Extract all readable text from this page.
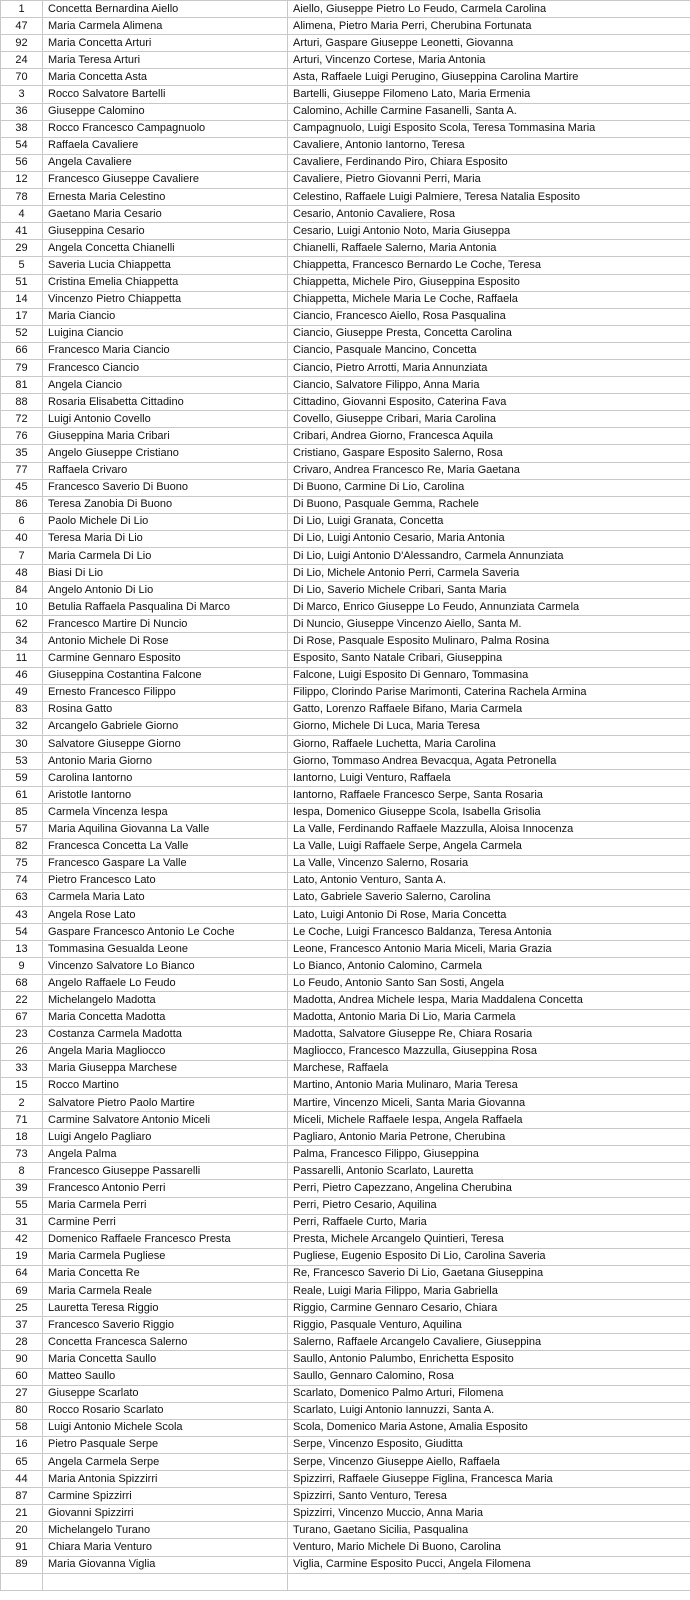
1	Concetta Bernardina Aiello	Aiello, Giuseppe Pietro Lo Feudo, Carmela Carolina
47	Maria Carmela Alimena	Alimena, Pietro Maria Perri, Cherubina Fortunata
92	Maria Concetta Arturi	Arturi, Gaspare Giuseppe Leonetti, Giovanna
24	Maria Teresa Arturi	Arturi, Vincenzo Cortese, Maria Antonia
70	Maria Concetta Asta	Asta, Raffaele Luigi Perugino, Giuseppina Carolina Martire
3	Rocco Salvatore Bartelli	Bartelli, Giuseppe Filomeno Lato, Maria Ermenia
36	Giuseppe Calomino	Calomino, Achille Carmine Fasanelli, Santa A.
38	Rocco Francesco Campagnuolo	Campagnuolo, Luigi Esposito Scola, Teresa Tommasina Maria
54	Raffaela Cavaliere	Cavaliere, Antonio Iantorno, Teresa
56	Angela Cavaliere	Cavaliere, Ferdinando Piro, Chiara Esposito
12	Francesco Giuseppe Cavaliere	Cavaliere, Pietro Giovanni Perri, Maria
78	Ernesta Maria Celestino	Celestino, Raffaele Luigi Palmiere, Teresa Natalia Esposito
4	Gaetano Maria Cesario	Cesario, Antonio Cavaliere, Rosa
41	Giuseppina Cesario	Cesario, Luigi Antonio Noto, Maria Giuseppa
29	Angela Concetta Chianelli	Chianelli, Raffaele Salerno, Maria Antonia
5	Saveria Lucia Chiappetta	Chiappetta, Francesco Bernardo Le Coche, Teresa
51	Cristina Emelia Chiappetta	Chiappetta, Michele Piro, Giuseppina Esposito
14	Vincenzo Pietro Chiappetta	Chiappetta, Michele Maria Le Coche, Raffaela
17	Maria Ciancio	Ciancio, Francesco Aiello, Rosa Pasqualina
52	Luigina Ciancio	Ciancio, Giuseppe Presta, Concetta Carolina
66	Francesco Maria Ciancio	Ciancio, Pasquale Mancino, Concetta
79	Francesco Ciancio	Ciancio, Pietro Arrotti, Maria Annunziata
81	Angela Ciancio	Ciancio, Salvatore Filippo, Anna Maria
88	Rosaria Elisabetta Cittadino	Cittadino, Giovanni Esposito, Caterina Fava
72	Luigi Antonio Covello	Covello, Giuseppe Cribari, Maria Carolina
76	Giuseppina Maria Cribari	Cribari, Andrea Giorno, Francesca Aquila
35	Angelo Giuseppe Cristiano	Cristiano, Gaspare Esposito Salerno, Rosa
77	Raffaela Crivaro	Crivaro, Andrea Francesco Re, Maria Gaetana
45	Francesco Saverio Di Buono	Di Buono, Carmine Di Lio, Carolina
86	Teresa Zanobia Di Buono	Di Buono, Pasquale Gemma, Rachele
6	Paolo Michele Di Lio	Di Lio, Luigi Granata, Concetta
40	Teresa Maria Di Lio	Di Lio, Luigi Antonio Cesario, Maria Antonia
7	Maria Carmela Di Lio	Di Lio, Luigi Antonio D'Alessandro, Carmela Annunziata
48	Biasi Di Lio	Di Lio, Michele Antonio Perri, Carmela Saveria
84	Angelo Antonio Di Lio	Di Lio, Saverio Michele Cribari, Santa Maria
10	Betulia Raffaela Pasqualina Di Marco	Di Marco, Enrico Giuseppe Lo Feudo, Annunziata Carmela
62	Francesco Martire Di Nuncio	Di Nuncio, Giuseppe Vincenzo Aiello, Santa M.
34	Antonio Michele Di Rose	Di Rose, Pasquale Esposito Mulinaro, Palma Rosina
11	Carmine Gennaro Esposito	Esposito, Santo Natale Cribari, Giuseppina
46	Giuseppina Costantina Falcone	Falcone, Luigi Esposito Di Gennaro, Tommasina
49	Ernesto Francesco Filippo	Filippo, Clorindo Parise Marimonti, Caterina Rachela Armina
83	Rosina Gatto	Gatto, Lorenzo Raffaele Bifano, Maria Carmela
32	Arcangelo Gabriele Giorno	Giorno, Michele Di Luca, Maria Teresa
30	Salvatore Giuseppe Giorno	Giorno, Raffaele Luchetta, Maria Carolina
53	Antonio Maria Giorno	Giorno, Tommaso Andrea Bevacqua, Agata Petronella
59	Carolina Iantorno	Iantorno, Luigi Venturo, Raffaela
61	Aristotle Iantorno	Iantorno, Raffaele Francesco Serpe, Santa Rosaria
85	Carmela Vincenza Iespa	Iespa, Domenico Giuseppe Scola, Isabella Grisolia
57	Maria Aquilina Giovanna La Valle	La Valle, Ferdinando Raffaele Mazzulla, Aloisa Innocenza
82	Francesca Concetta La Valle	La Valle, Luigi Raffaele Serpe, Angela Carmela
75	Francesco Gaspare La Valle	La Valle, Vincenzo Salerno, Rosaria
74	Pietro Francesco Lato	Lato, Antonio Venturo, Santa A.
63	Carmela Maria Lato	Lato, Gabriele Saverio Salerno, Carolina
43	Angela Rose Lato	Lato, Luigi Antonio Di Rose, Maria Concetta
54	Gaspare Francesco Antonio Le Coche	Le Coche, Luigi Francesco Baldanza, Teresa Antonia
13	Tommasina Gesualda Leone	Leone, Francesco Antonio Maria Miceli, Maria Grazia
9	Vincenzo Salvatore Lo Bianco	Lo Bianco, Antonio Calomino, Carmela
68	Angelo Raffaele Lo Feudo	Lo Feudo, Antonio Santo San Sosti, Angela
22	Michelangelo Madotta	Madotta, Andrea Michele Iespa, Maria Maddalena Concetta
67	Maria Concetta Madotta	Madotta, Antonio Maria Di Lio, Maria Carmela
23	Costanza Carmela Madotta	Madotta, Salvatore Giuseppe Re, Chiara Rosaria
26	Angela Maria Magliocco	Magliocco, Francesco Mazzulla, Giuseppina Rosa
33	Maria Giuseppa Marchese	Marchese, Raffaela
15	Rocco Martino	Martino, Antonio Maria Mulinaro, Maria Teresa
2	Salvatore Pietro Paolo Martire	Martire, Vincenzo Miceli, Santa Maria Giovanna
71	Carmine Salvatore Antonio Miceli	Miceli, Michele Raffaele Iespa, Angela Raffaela
18	Luigi Angelo Pagliaro	Pagliaro, Antonio Maria Petrone, Cherubina
73	Angela Palma	Palma, Francesco Filippo, Giuseppina
8	Francesco Giuseppe Passarelli	Passarelli, Antonio Scarlato, Lauretta
39	Francesco Antonio Perri	Perri, Pietro Capezzano, Angelina Cherubina
55	Maria Carmela Perri	Perri, Pietro Cesario, Aquilina
31	Carmine Perri	Perri, Raffaele Curto, Maria
42	Domenico Raffaele Francesco Presta	Presta, Michele Arcangelo Quintieri, Teresa
19	Maria Carmela Pugliese	Pugliese, Eugenio Esposito Di Lio, Carolina Saveria
64	Maria Concetta Re	Re, Francesco Saverio Di Lio, Gaetana Giuseppina
69	Maria Carmela Reale	Reale, Luigi Maria Filippo, Maria Gabriella
25	Lauretta Teresa Riggio	Riggio, Carmine Gennaro Cesario, Chiara
37	Francesco Saverio Riggio	Riggio, Pasquale Venturo, Aquilina
28	Concetta Francesca Salerno	Salerno, Raffaele Arcangelo Cavaliere, Giuseppina
90	Maria Concetta Saullo	Saullo, Antonio Palumbo, Enrichetta Esposito
60	Matteo Saullo	Saullo, Gennaro Calomino, Rosa
27	Giuseppe Scarlato	Scarlato, Domenico Palmo Arturi, Filomena
80	Rocco Rosario Scarlato	Scarlato, Luigi Antonio Iannuzzi, Santa A.
58	Luigi Antonio Michele Scola	Scola, Domenico Maria Astone, Amalia Esposito
16	Pietro Pasquale Serpe	Serpe, Vincenzo Esposito, Giuditta
65	Angela Carmela Serpe	Serpe, Vincenzo Giuseppe Aiello, Raffaela
44	Maria Antonia Spizzirri	Spizzirri, Raffaele Giuseppe Figlina, Francesca Maria
87	Carmine Spizzirri	Spizzirri, Santo Venturo, Teresa
21	Giovanni Spizzirri	Spizzirri, Vincenzo Muccio, Anna Maria
20	Michelangelo Turano	Turano, Gaetano Sicilia, Pasqualina
91	Chiara Maria Venturo	Venturo, Mario Michele Di Buono, Carolina
89	Maria Giovanna Viglia	Viglia, Carmine Esposito Pucci, Angela Filomena
